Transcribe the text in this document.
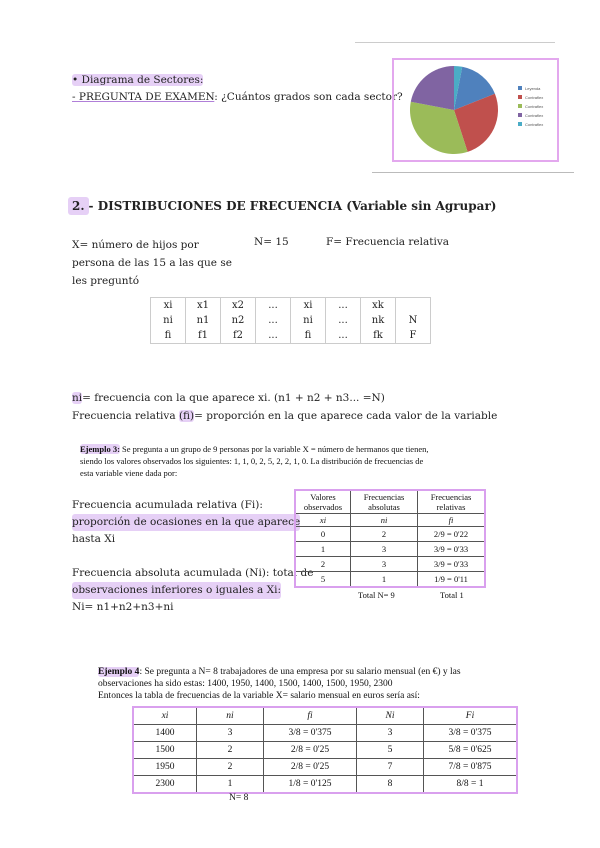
• Diagrama de Sectores:
- PREGUNTA DE EXAMEN: ¿Cuántos grados son cada sector?
Leyenda
Contraflex
Contraflex
Contraflex
Contraflex
2. - DISTRIBUCIONES DE FRECUENCIA (Variable sin Agrupar)
X= número de hijos por
persona de las 15 a las que se
les preguntó
N= 15	F= Frecuencia relativa
xi	x1	x2	...	xi	...	xk	
ni	n1	n2	...	ni	...	nk	N
fi	f1	f2	...	fi	...	fk	F
ni= frecuencia con la que aparece xi. (n1 + n2 + n3... =N)
Frecuencia relativa (fi)= proporción en la que aparece cada valor de la variable
Ejemplo 3: Se pregunta a un grupo de 9 personas por la variable X = número de hermanos que tienen,
siendo los valores observados los siguientes: 1, 1, 0, 2, 5, 2, 2, 1, 0. La distribución de frecuencias de
esta variable viene dada por:
Frecuencia acumulada relativa (Fi):
proporción de ocasiones en la que aparece
hasta Xi
Frecuencia absoluta acumulada (Ni): total de
observaciones inferiores o iguales a Xi:
Ni= n1+n2+n3+ni
Valores observados	Frecuencias absolutas	Frecuencias relativas
xi	ni	fi
0	2	2/9 = 0'22
1	3	3/9 = 0'33
2	3	3/9 = 0'33
5	1	1/9 = 0'11
Total N= 9	Total 1
Ejemplo 4: Se pregunta a N= 8 trabajadores de una empresa por su salario mensual (en €) y las
observaciones ha sido estas: 1400, 1950, 1400, 1500, 1400, 1500, 1950, 2300
Entonces la tabla de frecuencias de la variable X= salario mensual en euros sería así:
xi	ni	fi	Ni	Fi
1400	3	3/8 = 0'375	3	3/8 = 0'375
1500	2	2/8 = 0'25	5	5/8 = 0'625
1950	2	2/8 = 0'25	7	7/8 = 0'875
2300	1	1/8 = 0'125	8	8/8 = 1
N= 8
